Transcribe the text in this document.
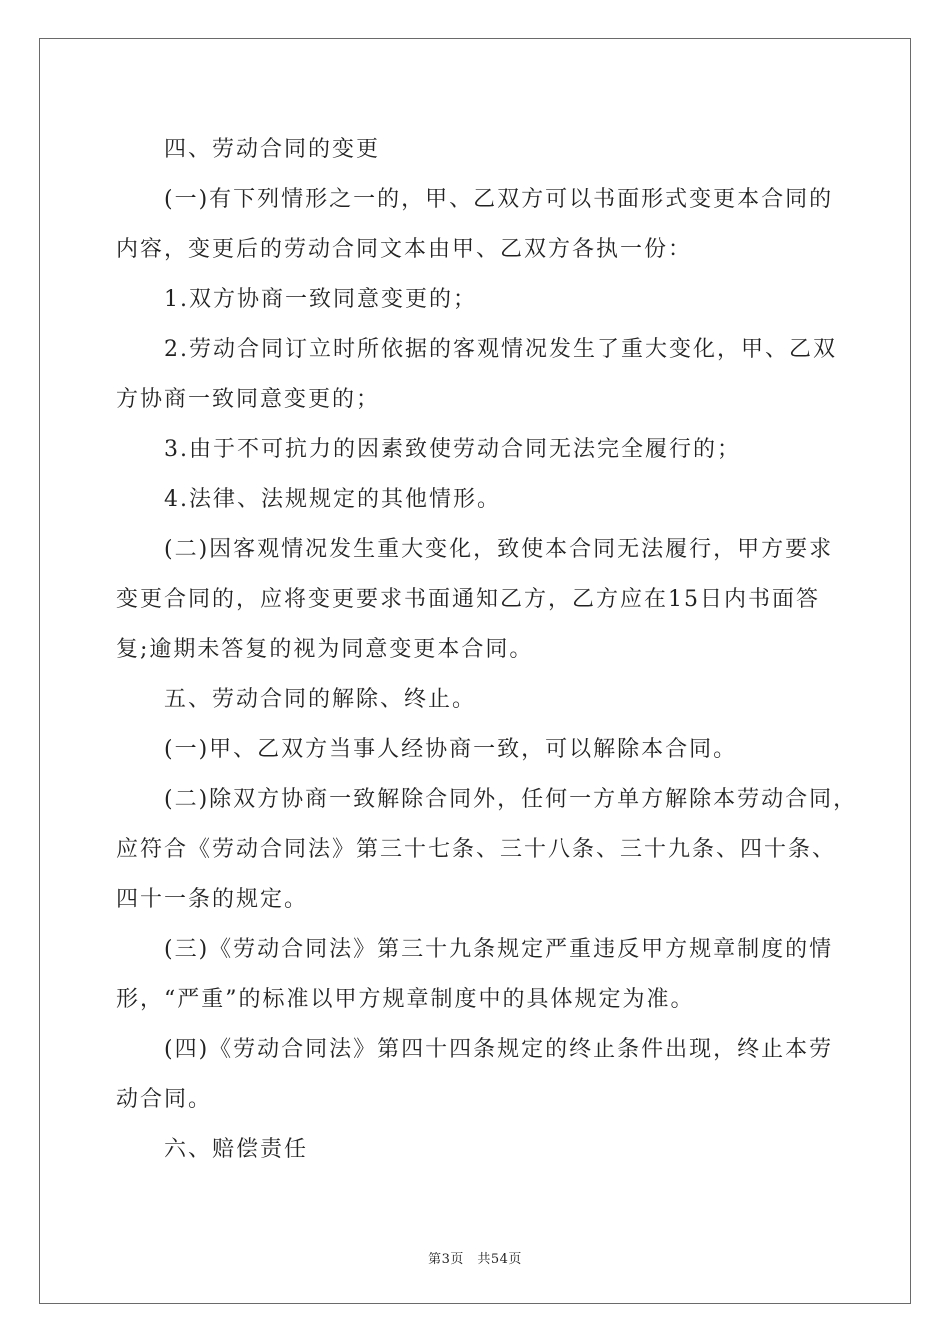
四、劳动合同的变更
(一)有下列情形之一的，甲、乙双方可以书面形式变更本合同的
内容，变更后的劳动合同文本由甲、乙双方各执一份：
1.双方协商一致同意变更的；
2.劳动合同订立时所依据的客观情况发生了重大变化，甲、乙双
方协商一致同意变更的；
3.由于不可抗力的因素致使劳动合同无法完全履行的；
4.法律、法规规定的其他情形。
(二)因客观情况发生重大变化，致使本合同无法履行，甲方要求
变更合同的，应将变更要求书面通知乙方，乙方应在15日内书面答
复;逾期未答复的视为同意变更本合同。
五、劳动合同的解除、终止。
(一)甲、乙双方当事人经协商一致，可以解除本合同。
(二)除双方协商一致解除合同外，任何一方单方解除本劳动合同，
应符合《劳动合同法》第三十七条、三十八条、三十九条、四十条、
四十一条的规定。
(三)《劳动合同法》第三十九条规定严重违反甲方规章制度的情
形，“严重”的标准以甲方规章制度中的具体规定为准。
(四)《劳动合同法》第四十四条规定的终止条件出现，终止本劳
动合同。
六、赔偿责任
第3页　共54页
